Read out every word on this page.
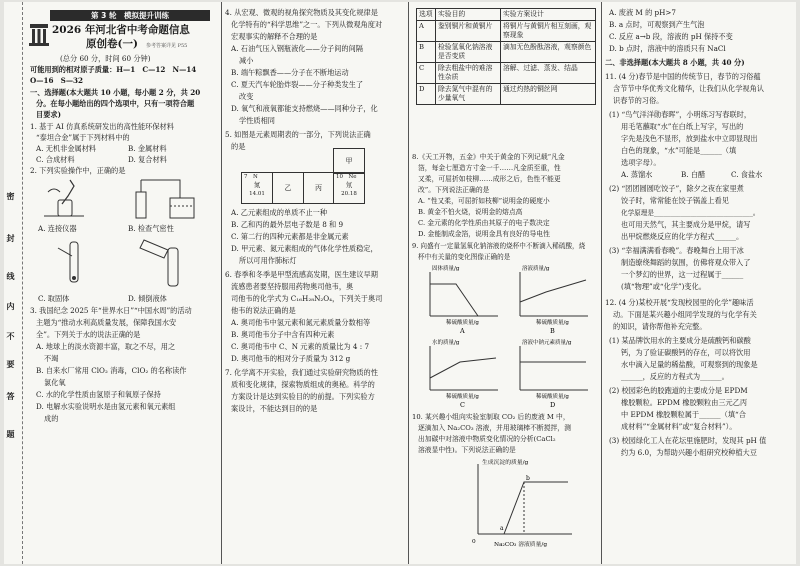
密
封
线
内
不
要
答
题
第 3 轮　模拟提升训练
2026 年河北省中考命题信息
原创卷(一) 参考答案详见 P55
(总分 60 分，时间 60 分钟)
可能用到的相对原子质量：H—1　C—12　N—14
O—16　S—32
一、选择题(本大题共 10 小题，每小题 2 分，共 20
分。在每小题给出的四个选项中，只有一项符合题
目要求)
1. 基于 AI 仿真系统研发出的高性能环保材料
“泰坦合金”属于下列材料中的
A. 无机非金属材料	B. 金属材料
C. 合成材料	D. 复合材料
2. 下列实验操作中，正确的是
A. 连接仪器	B. 检查气密性
C. 取固体	D. 倾倒液体
3. 我国纪念 2025 年“世界水日”“中国水周”的活动
主题为“推动水利高质量发展，保障我国水安
全”。下列关于水的说法正确的是
A. 地球上的淡水资源丰富，取之不尽，用之
不竭
B. 自来水厂常用 ClO₂ 消毒，ClO₂ 的名称读作
氯化氧
C. 水的化学性质由氢原子和氧原子保持
D. 电解水实验说明水是由氢元素和氧元素组
成的
4. 从宏观、微观的视角探究物质及其变化规律是
化学特有的“科学思维”之一。下列从微观角度对
宏观事实的解释不合理的是
A. 石油气压入钢瓶液化——分子间的间隔
减小
B. 端午粽飘香——分子在不断地运动
C. 夏天汽车轮胎炸裂——分子种类发生了
改变
D. 氧气和液氧都能支持燃烧——同种分子，化
学性质相同
5. 如图是元素周期表的一部分，下列说法正确
的是
甲
7　N
氮
14.01
乙	丙
10　Ne
氖
20.18
A. 乙元素组成的单质不止一种
B. 乙和丙的最外层电子数是 8 和 9
C. 第二行的四种元素都是非金属元素
D. 甲元素、氮元素组成的气体化学性质稳定，
所以可用作肺标灯
6. 春季和冬季是甲型流感高发期，医生建议早期
流感患者要坚持服用药物奥司他韦，奥
司他韦的化学式为 C₁₆H₂₈N₂O₄，下列关于奥司
他韦的说法正确的是
A. 奥司他韦中氢元素和氮元素质量分数相等
B. 奥司他韦分子中含有四种元素
C. 奥司他韦中 C、N 元素的质量比为 4 : 7
D. 奥司他韦的相对分子质量为 312 g
7. 化学离不开实验，我们通过实验研究物质的性
质和变化规律，探索物质组成的奥秘。科学的
方案设计是达到实验目的的前提。下列实验方
案设计，不能达到目的的是
选项	实验目的	实验方案设计
A	鉴别铜片和黄铜片	将铜片与黄铜片相互刻画，观察现象
B	检验氢氧化钠溶液是否变质	滴加无色酚酞溶液，观察颜色
C	除去粗盐中的难溶性杂质	溶解、过滤、蒸发、结晶
D	除去氮气中混有的少量氧气	通过灼热的铜丝网
8.《天工开物，五金》中关于黄金的下列记载“凡金
箔，每金七厘造方寸金一千……凡金质至重，性
又柔，可屈折如枝柳……成形之后，色性不能更
改”。下列说法正确的是
A. “性又柔，可屈折如枝柳”说明金的硬度小
B. 黄金不怕火烧，说明金的熔点高
C. 金元素的化学性质由其原子的电子数决定
D. 金能制成金箔，说明金具有良好的导电性
9. 向盛有一定量氢氧化钠溶液的烧杯中不断滴入稀硫酸，烧
杯中有关量的变化图像正确的是
固体质量/g
稀硫酸质量/g
A
溶液质量/g
稀硫酸质量/g
B
水的质量/g
稀硫酸质量/g
C
溶液中钠元素质量/g
稀硫酸质量/g
D
10. 某兴趣小组向实验室制取 CO₂ 后的废液 M 中，
逐滴加入 Na₂CO₃ 溶液，并用玻璃棒不断搅拌，测
出加碳中对溶液中物质变化情况的分析(CaCl₂
溶液显中性)。下列说法正确的是
生成沉淀的质量/g
0
a
b
Na₂CO₃ 溶液质量/g
A. 废液 M 的 pH>7
B. a 点时，可观察到产生气泡
C. 反应 a→b 段，溶液的 pH 保持不变
D. b 点时，溶液中的溶质只有 NaCl
二、非选择题(本大题共 8 小题，共 40 分)
11. (4 分)春节是中国的传统节日，春节的习俗蕴
含节节中华优秀文化精华，让我们从化学视角认
识春节的习俗。
(1) “鸟气洋洋勋春晖”，小明练习写春联时，
用毛笔蘸取“水”在白纸上写字，写出的
字先是浅色不显形，放到盐水中立即显现出
白色的现象，“水”可能是______（填
选项字母）。
A. 蒸馏水	B. 白醋	C. 食盐水
(2) “团团圆圆吃饺子”，除夕之夜在家里煮
饺子时，常常能在饺子锅盖上看见
化学原理是______________________________。
也可用天然气，其主要成分是甲烷，请写
出甲烷燃烧反应的化学方程式______。
(3) “幸福满满看春晚”。春晚舞台上用干冰
制造缭绕舞蹈的氛围，仿佛将观众带入了
一个梦幻的世界，这一过程属于______
(填“物理”或“化学”)变化。
12. (4 分)某校开展“发现校园里的化学”趣味活
动。下面是某兴趣小组同学发现的与化学有关
的知识，请你帮他补充完整。
(1) 某品牌饮用水的主要成分是硫酸钙和碳酸
钙，为了验证碳酸钙的存在，可以将饮用
水中滴入足量的稀盐酸，可观察到的现象是
______，反应的方程式为______。
(2) 校园彩色的胶跑道的主要成分是 EPDM
橡胶颗粒。EPDM 橡胶颗粒由三元乙丙
中 EPDM 橡胶颗粒属于______（填“合
成材料”“金属材料”或“复合材料”）。
(3) 校园绿化工人在花坛里施肥时，发现其 pH 值
约为 6.0，为帮助兴趣小组研究校种植大豆
